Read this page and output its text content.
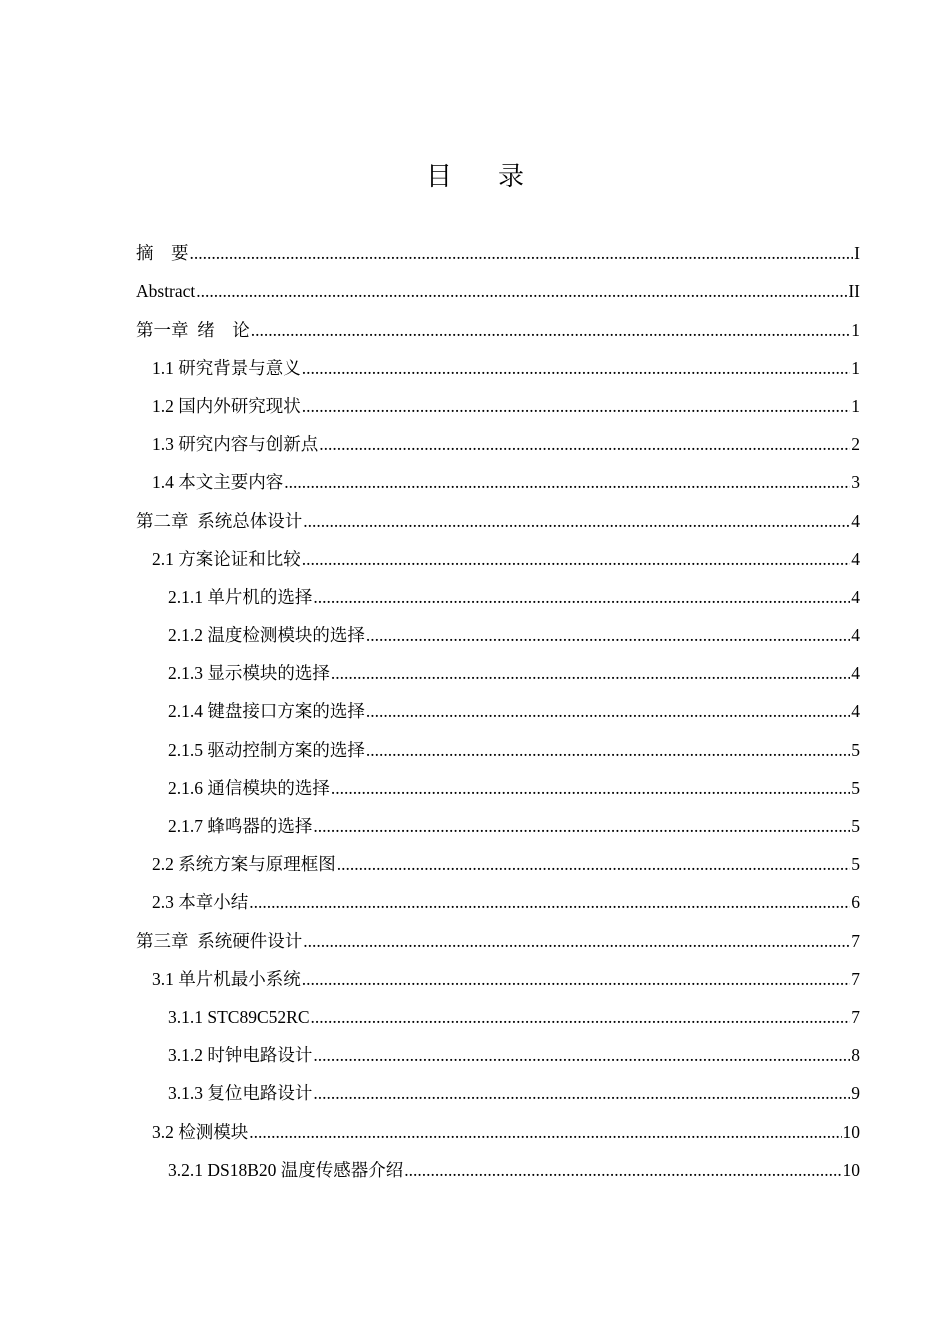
目 录
摘　要 .....	I
Abstract .....	II
第一章  绪　论 .....	1
1.1 研究背景与意义 .....	1
1.2 国内外研究现状 .....	1
1.3 研究内容与创新点 .....	2
1.4 本文主要内容 .....	3
第二章  系统总体设计 .....	4
2.1 方案论证和比较 .....	4
2.1.1 单片机的选择 .....	4
2.1.2 温度检测模块的选择 .....	4
2.1.3 显示模块的选择 .....	4
2.1.4 键盘接口方案的选择 .....	4
2.1.5 驱动控制方案的选择 .....	5
2.1.6 通信模块的选择 .....	5
2.1.7 蜂鸣器的选择 .....	5
2.2 系统方案与原理框图 .....	5
2.3 本章小结 .....	6
第三章  系统硬件设计 .....	7
3.1 单片机最小系统 .....	7
3.1.1 STC89C52RC .....	7
3.1.2 时钟电路设计 .....	8
3.1.3 复位电路设计 .....	9
3.2 检测模块 .....	10
3.2.1 DS18B20 温度传感器介绍 .....	10
